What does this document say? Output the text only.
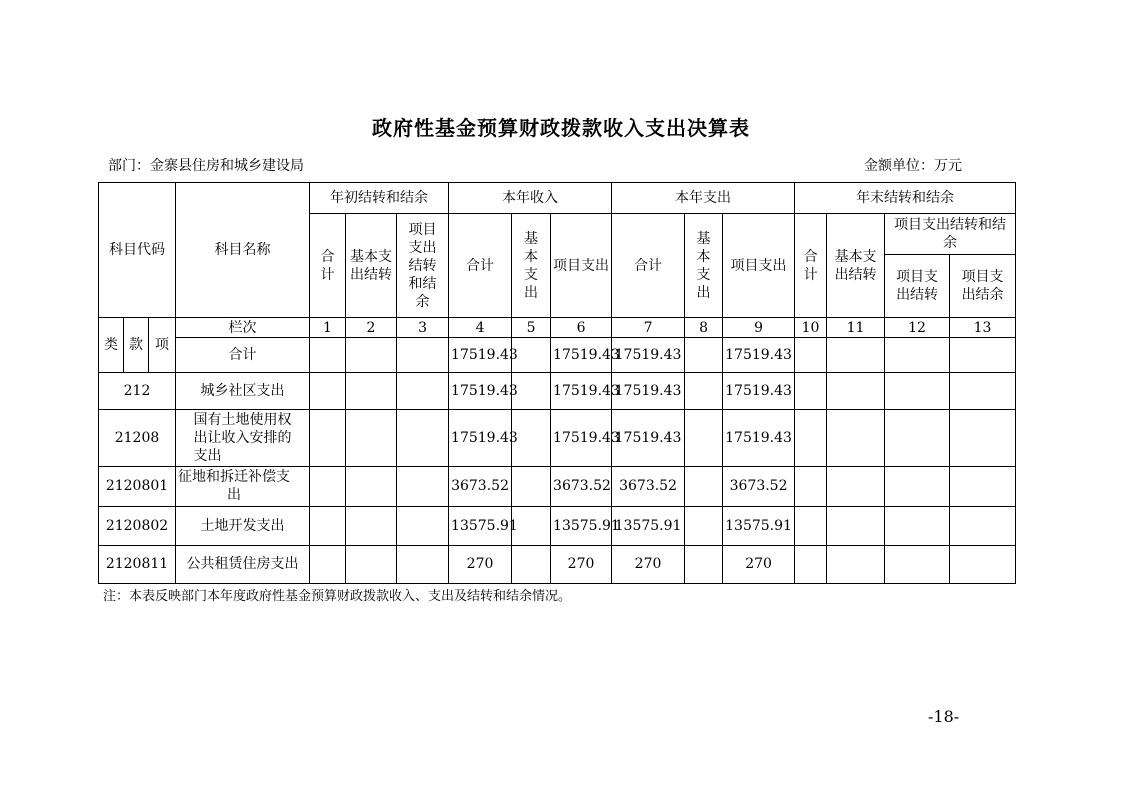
政府性基金预算财政拨款收入支出决算表
部门：金寨县住房和城乡建设局	金额单位：万元
科目代码			科目名称	年初结转和结余			本年收入			本年支出			年末结转和结余			

				合计	基本支出结转	项目支出结转和结余	合计	基本支出	项目支出	合计	基本支出	项目支出	合计	基本支出结转	项目支出结转和结余	

															项目支出结转	项目支出结余

类	款	项	栏次	1	2	3	4	5	6	7	8	9	10	11	12	13
			合计				17519.43		17519.43	17519.43		17519.43				
212			城乡社区支出				17519.43		17519.43	17519.43		17519.43				
21208			国有土地使用权出让收入安排的支出				17519.43		17519.43	17519.43		17519.43				
2120801			征地和拆迁补偿支出				3673.52		3673.52	3673.52		3673.52				
2120802			土地开发支出				13575.91		13575.91	13575.91		13575.91				
2120811			公共租赁住房支出				270		270	270		270				
注：本表反映部门本年度政府性基金预算财政拨款收入、支出及结转和结余情况。
-18-
